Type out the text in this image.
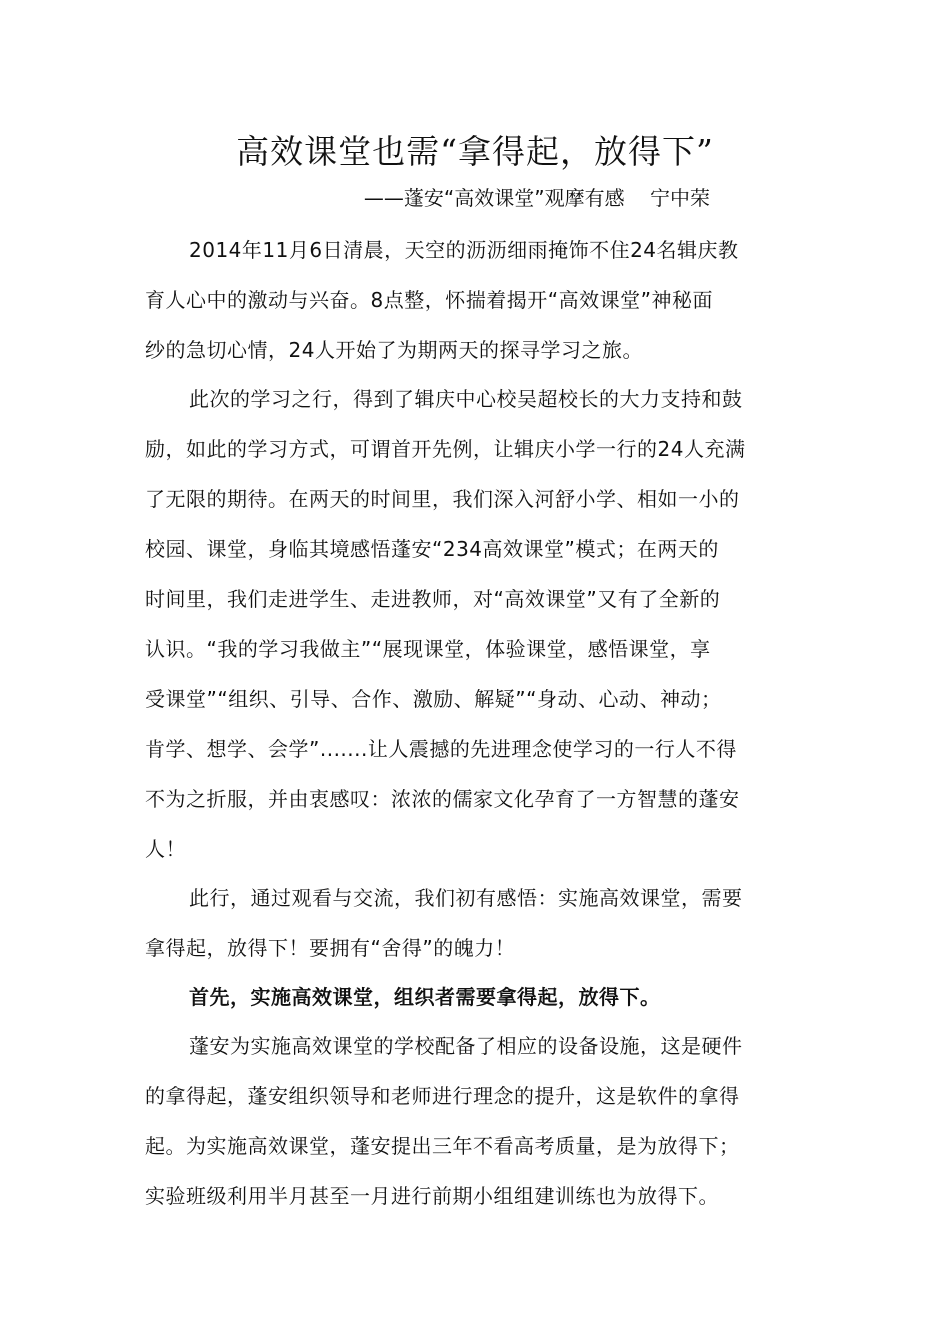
高效课堂也需“拿得起，放得下”
——蓬安“高效课堂”观摩有感    宁中荣

2014年11月6日清晨，天空的沥沥细雨掩饰不住24名辑庆教
育人心中的激动与兴奋。8点整，怀揣着揭开“高效课堂”神秘面
纱的急切心情，24人开始了为期两天的探寻学习之旅。

此次的学习之行，得到了辑庆中心校吴超校长的大力支持和鼓
励，如此的学习方式，可谓首开先例，让辑庆小学一行的24人充满
了无限的期待。在两天的时间里，我们深入河舒小学、相如一小的
校园、课堂，身临其境感悟蓬安“234高效课堂”模式；在两天的
时间里，我们走进学生、走进教师，对“高效课堂”又有了全新的
认识。“我的学习我做主”“展现课堂，体验课堂，感悟课堂，享
受课堂”“组织、引导、合作、激励、解疑”“身动、心动、神动；
肯学、想学、会学”.......让人震撼的先进理念使学习的一行人不得
不为之折服，并由衷感叹：浓浓的儒家文化孕育了一方智慧的蓬安
人！

此行，通过观看与交流，我们初有感悟：实施高效课堂，需要
拿得起，放得下！要拥有“舍得”的魄力！

首先，实施高效课堂，组织者需要拿得起，放得下。

蓬安为实施高效课堂的学校配备了相应的设备设施，这是硬件
的拿得起，蓬安组织领导和老师进行理念的提升，这是软件的拿得
起。为实施高效课堂，蓬安提出三年不看高考质量，是为放得下；
实验班级利用半月甚至一月进行前期小组组建训练也为放得下。
